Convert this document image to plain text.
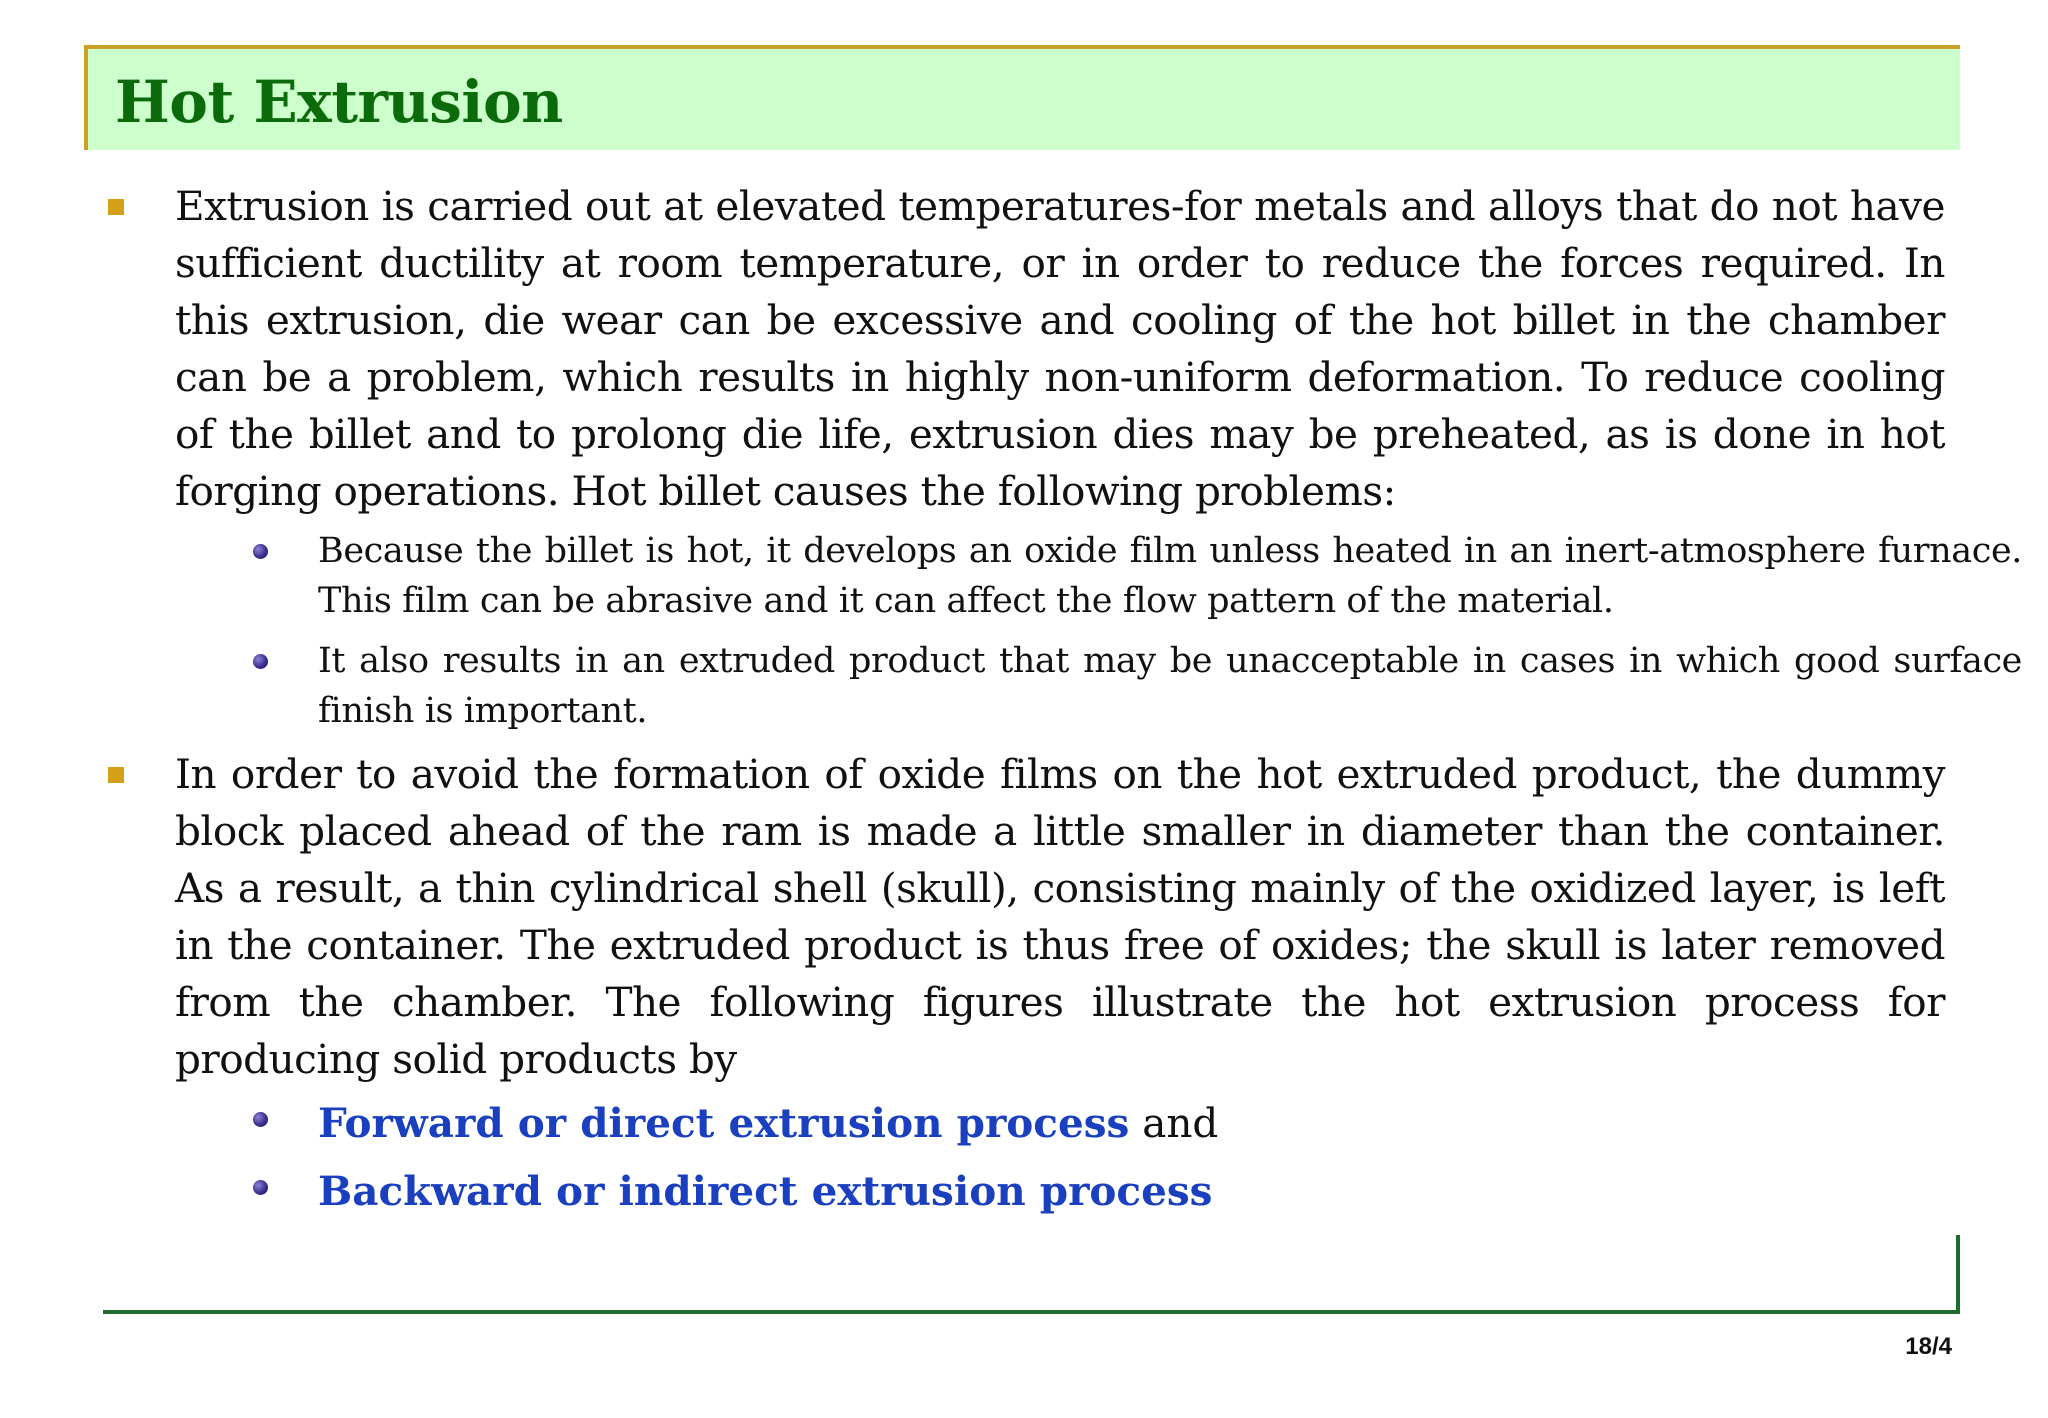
Hot Extrusion
Extrusion is carried out at elevated temperatures-for metals and alloys that do not have sufficient ductility at room temperature, or in order to reduce the forces required. In this extrusion, die wear can be excessive and cooling of the hot billet in the chamber can be a problem, which results in highly non-uniform deformation. To reduce cooling of the billet and to prolong die life, extrusion dies may be preheated, as is done in hot forging operations. Hot billet causes the following problems:
Because the billet is hot, it develops an oxide film unless heated in an inert-atmosphere furnace. This film can be abrasive and it can affect the flow pattern of the material.
It also results in an extruded product that may be unacceptable in cases in which good surface finish is important.
In order to avoid the formation of oxide films on the hot extruded product, the dummy block placed ahead of the ram is made a little smaller in diameter than the container. As a result, a thin cylindrical shell (skull), consisting mainly of the oxidized layer, is left in the container. The extruded product is thus free of oxides; the skull is later removed from the chamber. The following figures illustrate the hot extrusion process for producing solid products by
Forward or direct extrusion process and
Backward or indirect extrusion process
18/4
